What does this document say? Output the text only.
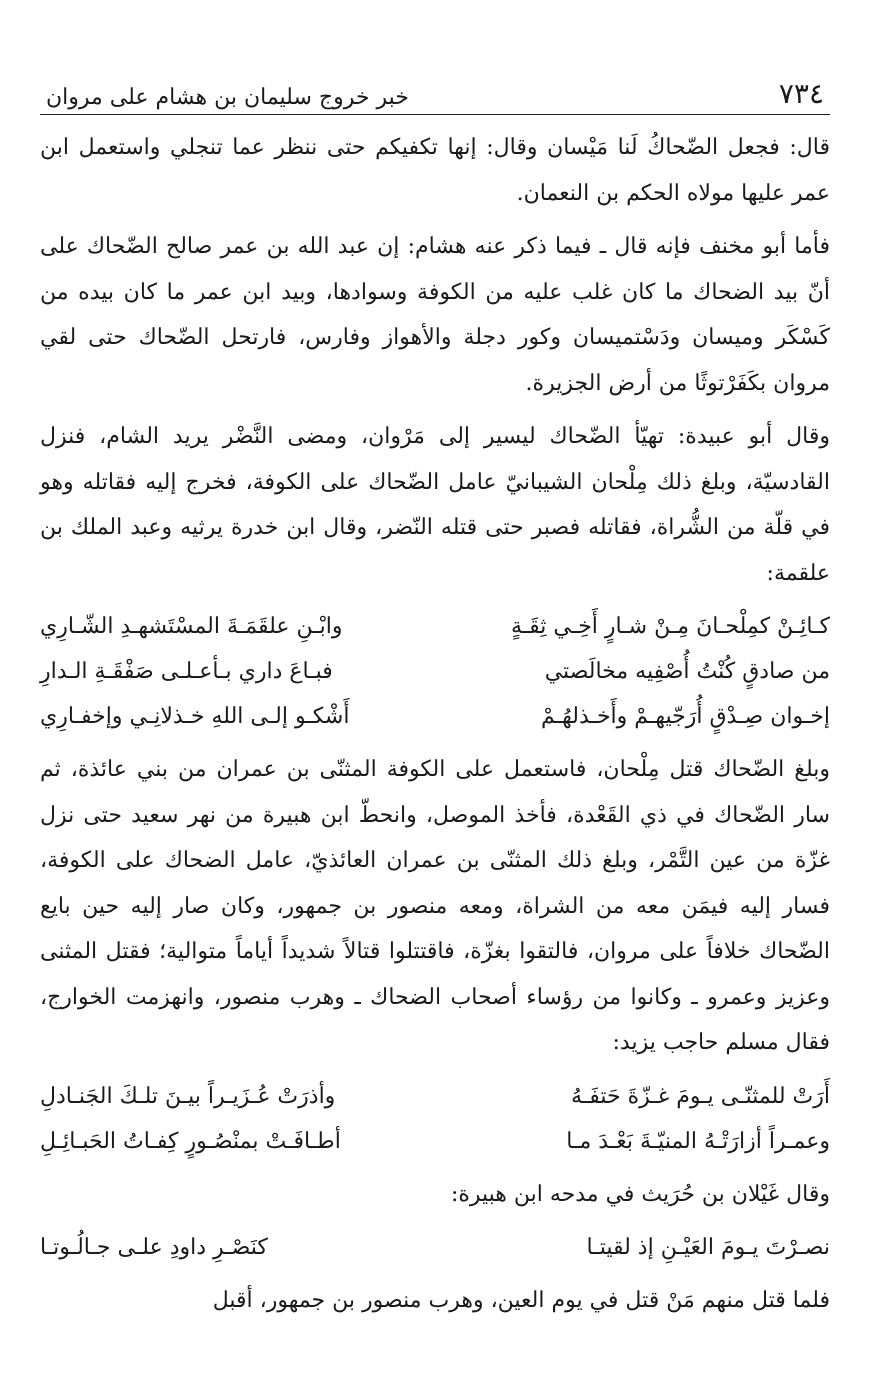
٧٣٤
خبر خروج سليمان بن هشام على مروان

قال: فجعل الضّحاكُ لَنا مَيْسان وقال: إنها تكفيكم حتى ننظر عما تنجلي واستعمل ابن عمر عليها مولاه الحكم بن النعمان.

فأما أبو مخنف فإنه قال ـ فيما ذكر عنه هشام: إن عبد الله بن عمر صالح الضّحاك على أنّ بيد الضحاك ما كان غلب عليه من الكوفة وسوادها، وبيد ابن عمر ما كان بيده من كَسْكَر وميسان ودَسْتميسان وكور دجلة والأهواز وفارس، فارتحل الضّحاك حتى لقي مروان بكَفَرْتوثًا من أرض الجزيرة.

وقال أبو عبيدة: تهيّأ الضّحاك ليسير إلى مَرْوان، ومضى النَّضْر يريد الشام، فنزل القادسيّة، وبلغ ذلك مِلْحان الشيبانيّ عامل الضّحاك على الكوفة، فخرج إليه فقاتله وهو في قلّة من الشُّراة، فقاتله فصبر حتى قتله النّضر، وقال ابن خدرة يرثيه وعبد الملك بن علقمة:

كـائِـنْ كمِلْحـانَ مِـنْ شـارٍ أَخِـي ثِقَـةٍ
وابْـنِ علقَمَـةَ المسْتَشهـدِ الشّـارِي
من صادقٍ كُنْتُ أُصْفِيه مخالَصتي
فبـاعَ داري بـأعـلـى صَفْقَـةِ الـدارِ
إخـوان صِـدْقٍ أُرَجّيهـمْ وأَخـذلهُـمْ
أَشْكـو إلـى اللهِ خـذلانِـي وإخفـارِي

وبلغ الضّحاك قتل مِلْحان، فاستعمل على الكوفة المثنّى بن عمران من بني عائذة، ثم سار الضّحاك في ذي القَعْدة، فأخذ الموصل، وانحطّ ابن هبيرة من نهر سعيد حتى نزل غزّة من عين التَّمْر، وبلغ ذلك المثنّى بن عمران العائذيّ، عامل الضحاك على الكوفة، فسار إليه فيمَن معه من الشراة، ومعه منصور بن جمهور، وكان صار إليه حين بايع الضّحاك خلافاً على مروان، فالتقوا بغزّة، فاقتتلوا قتالاً شديداً أياماً متوالية؛ فقتل المثنى وعزيز وعمرو ـ وكانوا من رؤساء أصحاب الضحاك ـ وهرب منصور، وانهزمت الخوارج، فقال مسلم حاجب يزيد:

أَرَتْ للمثنّـى يـومَ غـزّةَ حَتفَـهُ
وأذرَتْ عُـزَيـراً بيـنَ تلـكَ الجَنـادلِ
وعمـراً أزارَتْـهُ المنيّـةَ بَعْـدَ مـا
أطـافَـتْ بمنْصُـورٍ كِفـاتُ الحَبـائِـلِ

وقال غَيْلان بن حُرَيث في مدحه ابن هبيرة:

نصـرْتَ يـومَ العَيْـنِ إذ لقيتـا
كنَصْـرِ داودِ علـى جـالُـوتـا

فلما قتل منهم مَنْ قتل في يوم العين، وهرب منصور بن جمهور، أقبل
